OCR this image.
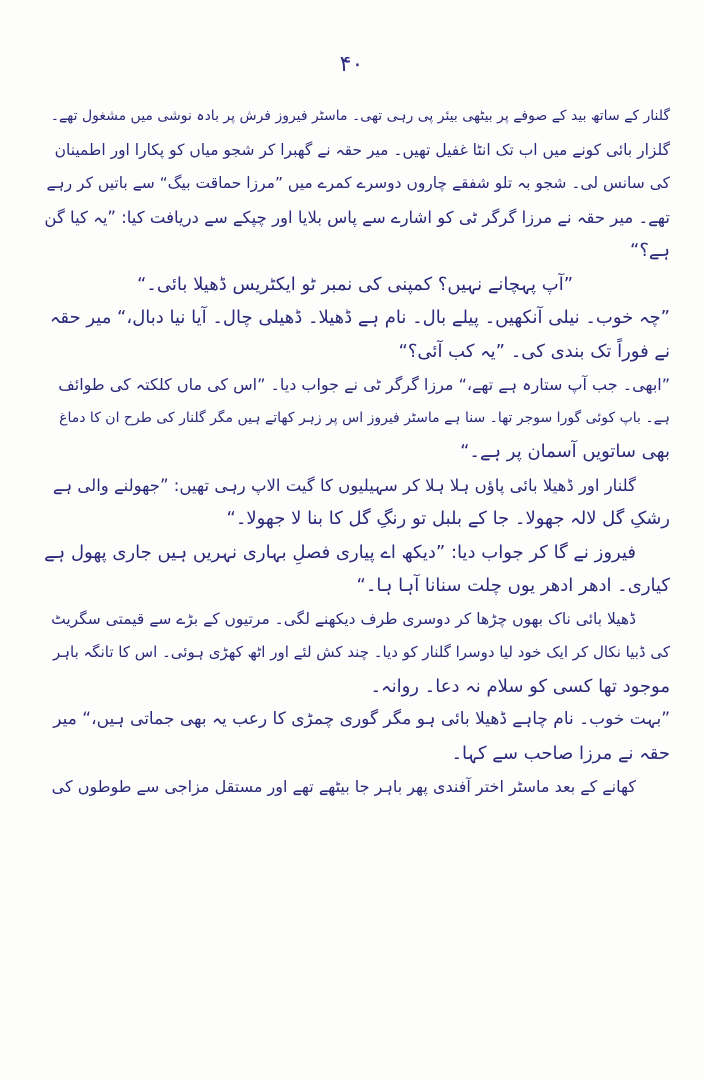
۴۰
گلنار کے ساتھ بید کے صوفے پر بیٹھی بیئر پی رہی تھی۔ ماسٹر فیروز فرش پر بادہ نوشی میں مشغول تھے۔
گلزار بائی کونے میں اب تک انٹا غفیل تھیں۔ میر حقہ نے گھبرا کر شجو میاں کو پکارا اور اطمینان
کی سانس لی۔ شجو بہ تلو شفقے چاروں دوسرے کمرے میں ”مرزا حماقت بیگ“ سے باتیں کر رہے
تھے۔ میر حقہ نے مرزا گرگر ٹی کو اشارے سے پاس بلایا اور چپکے سے دریافت کیا: ”یہ کیا گن
ہے؟“
”آپ پہچانے نہیں؟ کمپنی کی نمبر ٹو ایکٹریس ڈھیلا بائی۔“
”چہ خوب۔ نیلی آنکھیں۔ پیلے بال۔ نام ہے ڈھیلا۔ ڈھیلی چال۔ آیا نیا دبال،“ میر حقہ
نے فوراً تک بندی کی۔ ”یہ کب آئی؟“
”ابھی۔ جب آپ ستارہ ہے تھے،“ مرزا گرگر ٹی نے جواب دیا۔ ”اس کی ماں کلکتہ کی طوائف
ہے۔ باپ کوئی گورا سوجر تھا۔ سنا ہے ماسٹر فیروز اس پر زہر کھاتے ہیں مگر گلنار کی طرح ان کا دماغ
بھی ساتویں آسمان پر ہے۔“
گلنار اور ڈھیلا بائی پاؤں ہلا ہلا کر سہیلیوں کا گیت الاپ رہی تھیں: ”جھولنے والی ہے
رشکِ گل لالہ جھولا۔ جا کے بلبل تو رنگِ گل کا بنا لا جھولا۔“
فیروز نے گا کر جواب دیا: ”دیکھ اے پیاری فصلِ بہاری نہریں ہیں جاری پھول ہے
کیاری۔ ادھر ادھر یوں چلت سنانا آہا ہا۔“
ڈھیلا بائی ناک بھوں چڑھا کر دوسری طرف دیکھنے لگی۔ مرتیوں کے بڑے سے قیمتی سگریٹ
کی ڈبیا نکال کر ایک خود لیا دوسرا گلنار کو دیا۔ چند کش لئے اور اٹھ کھڑی ہوئی۔ اس کا تانگہ باہر
موجود تھا کسی کو سلام نہ دعا۔ روانہ۔
”بہت خوب۔ نام چاہے ڈھیلا بائی ہو مگر گوری چمڑی کا رعب یہ بھی جماتی ہیں،“ میر
حقہ نے مرزا صاحب سے کہا۔
کھانے کے بعد ماسٹر اختر آفندی پھر باہر جا بیٹھے تھے اور مستقل مزاجی سے طوطوں کی
